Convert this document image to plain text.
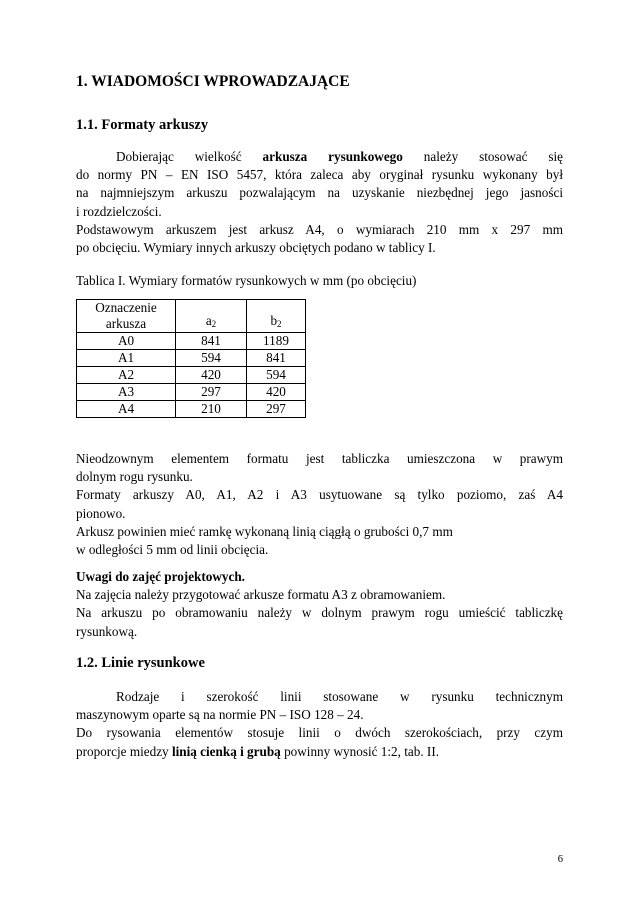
1. WIADOMOŚCI WPROWADZAJĄCE
1.1. Formaty arkuszy
Dobierając wielkość arkusza rysunkowego należy stosować się
do normy PN – EN ISO 5457, która zaleca aby oryginał rysunku wykonany był
na najmniejszym arkuszu pozwalającym na uzyskanie niezbędnej jego jasności
i rozdzielczości.
Podstawowym arkuszem jest arkusz A4, o wymiarach 210 mm x 297 mm
po obcięciu. Wymiary innych arkuszy obciętych podano w tablicy I.
Tablica I. Wymiary formatów rysunkowych w mm (po obcięciu)
Oznaczenie
arkusza	$a_2$	$b_2$
A0	841	1189
A1	594	841
A2	420	594
A3	297	420
A4	210	297
Nieodzownym elementem formatu jest tabliczka umieszczona w prawym
dolnym rogu rysunku.
Formaty arkuszy A0, A1, A2 i A3 usytuowane są tylko poziomo, zaś A4
pionowo.
Arkusz powinien mieć ramkę wykonaną linią ciągłą o grubości 0,7 mm
w odległości 5 mm od linii obcięcia.
Uwagi do zajęć projektowych.
Na zajęcia należy przygotować arkusze formatu A3 z obramowaniem.
Na arkuszu po obramowaniu należy w dolnym prawym rogu umieścić tabliczkę
rysunkową.
1.2. Linie rysunkowe
Rodzaje i szerokość linii stosowane w rysunku technicznym
maszynowym oparte są na normie PN – ISO 128 – 24.
Do rysowania elementów stosuje linii o dwóch szerokościach, przy czym
proporcje miedzy linią cienką i grubą powinny wynosić 1:2, tab. II.
6
